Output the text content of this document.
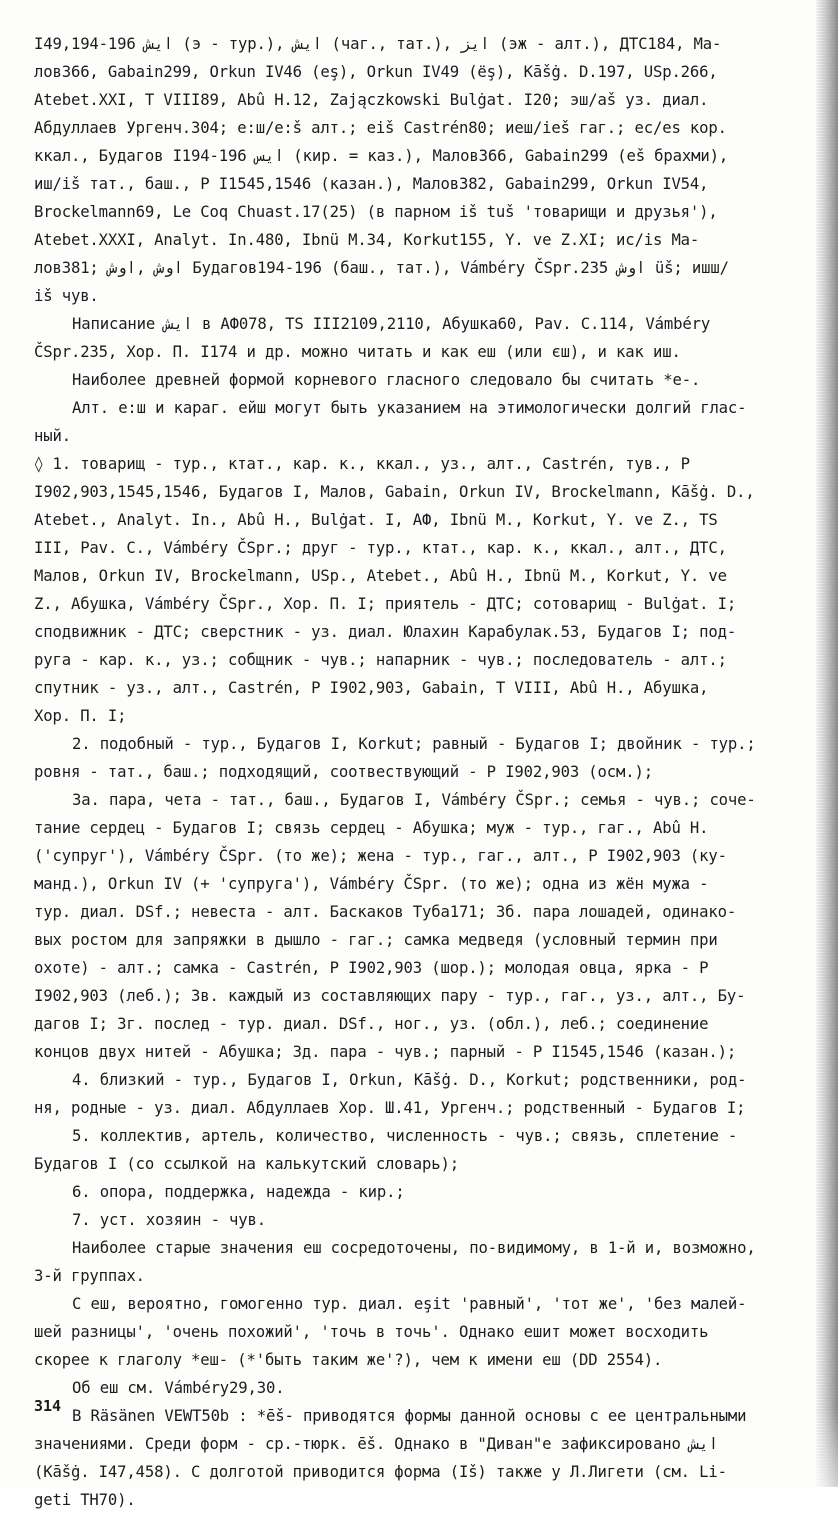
I49,194-196 ايش (э - тур.), ايش (чаг., тат.), ايز (эж - алт.), ДТС184, Ма-
лов366, Gabain299, Orkun IV46 (eş), Orkun IV49 (ёş), Kāšġ. D.197, USp.266,
Atebet.XXI, T VIII89, Abû H.12, Zajączkowski Bulġat. I20; эш/аš уз. диал.
Абдуллаев Ургенч.304; е:ш/е:š алт.; eiš Castrén80; иеш/iеš гаг.; ес/es кор.
ккал., Будагов I194-196 ايس (кир. = каз.), Малов366, Gabain299 (еš брахми),
иш/iš тат., баш., Р I1545,1546 (казан.), Малов382, Gabain299, Orkun IV54,
Brockelmann69, Le Coq Chuast.17(25) (в парном iš tuš 'товарищи и друзья'),
Atebet.XXXI, Analyt. In.480, Ibnü M.34, Korkut155, Y. ve Z.XI; ис/is Ма-
лов381; اوش ,اوش Будагов194-196 (баш., тат.), Vámbéry ČSpr.235 اوش üš; ишш/
iš чув.
Написание ايش в АФ078, TS III2109,2110, Абушка60, Pav. C.114, Vámbéry
ČSpr.235, Хор. П. I174 и др. можно читать и как еш (или єш), и как иш.
Наиболее древней формой корневого гласного следовало бы считать *е-.
Алт. е:ш и караг. ейш могут быть указанием на этимологически долгий глас-
ный.
◊ 1. товарищ - тур., ктат., кар. к., ккал., уз., алт., Castrén, тув., Р
I902,903,1545,1546, Будагов I, Малов, Gabain, Orkun IV, Brockelmann, Kāšġ. D.,
Atebet., Analyt. In., Abû H., Bulġat. I, АФ, Ibnü M., Korkut, Y. ve Z., TS
III, Pav. C., Vámbéry ČSpr.; друг - тур., ктат., кар. к., ккал., алт., ДТС,
Малов, Orkun IV, Brockelmann, USp., Atebet., Abû H., Ibnü M., Korkut, Y. ve
Z., Абушка, Vámbéry ČSpr., Хор. П. I; приятель - ДТС; сотоварищ - Bulġat. I;
сподвижник - ДТС; сверстник - уз. диал. Юлахин Карабулак.53, Будагов I; под-
руга - кар. к., уз.; собщник - чув.; напарник - чув.; последователь - алт.;
спутник - уз., алт., Castrén, Р I902,903, Gabain, T VIII, Abû H., Абушка,
Хор. П. I;
2. подобный - тур., Будагов I, Korkut; равный - Будагов I; двойник - тур.;
ровня - тат., баш.; подходящий, соотвествующий - Р I902,903 (осм.);
3а. пара, чета - тат., баш., Будагов I, Vámbéry ČSpr.; семья - чув.; соче-
тание сердец - Будагов I; связь сердец - Абушка; муж - тур., гаг., Abû H.
('супруг'), Vámbéry ČSpr. (то же); жена - тур., гаг., алт., Р I902,903 (ку-
манд.), Orkun IV (+ 'супруга'), Vámbéry ČSpr. (то же); одна из жён мужа -
тур. диал. DSf.; невеста - алт. Баскаков Туба171; 3б. пара лошадей, одинако-
вых ростом для запряжки в дышло - гаг.; самка медведя (условный термин при
охоте) - алт.; самка - Castrén, Р I902,903 (шор.); молодая овца, ярка - Р
I902,903 (леб.); 3в. каждый из составляющих пару - тур., гаг., уз., алт., Бу-
дагов I; 3г. послед - тур. диал. DSf., ног., уз. (обл.), леб.; соединение
концов двух нитей - Абушка; 3д. пара - чув.; парный - Р I1545,1546 (казан.);
4. близкий - тур., Будагов I, Orkun, Kāšġ. D., Korkut; родственники, род-
ня, родные - уз. диал. Абдуллаев Хор. Ш.41, Ургенч.; родственный - Будагов I;
5. коллектив, артель, количество, численность - чув.; связь, сплетение -
Будагов I (со ссылкой на калькутский словарь);
6. опора, поддержка, надежда - кир.;
7. уст. хозяин - чув.
Наиболее старые значения еш сосредоточены, по-видимому, в 1-й и, возможно,
3-й группах.
С еш, вероятно, гомогенно тур. диал. eşit 'равный', 'тот же', 'без малей-
шей разницы', 'очень похожий', 'точь в точь'. Однако ешит может восходить
скорее к глаголу *еш- (*'быть таким же'?), чем к имени еш (DD 2554).
Об еш см. Vámbéry29,30.
В Räsänen VEWT50b : *ēš- приводятся формы данной основы с ее центральными
значениями. Среди форм - ср.-тюрк. ēš. Однако в "Диван"е зафиксировано ايش
(Kāšġ. I47,458). С долготой приводится форма (Iš) также у Л.Лигети (см. Li-
geti TH70).
314
